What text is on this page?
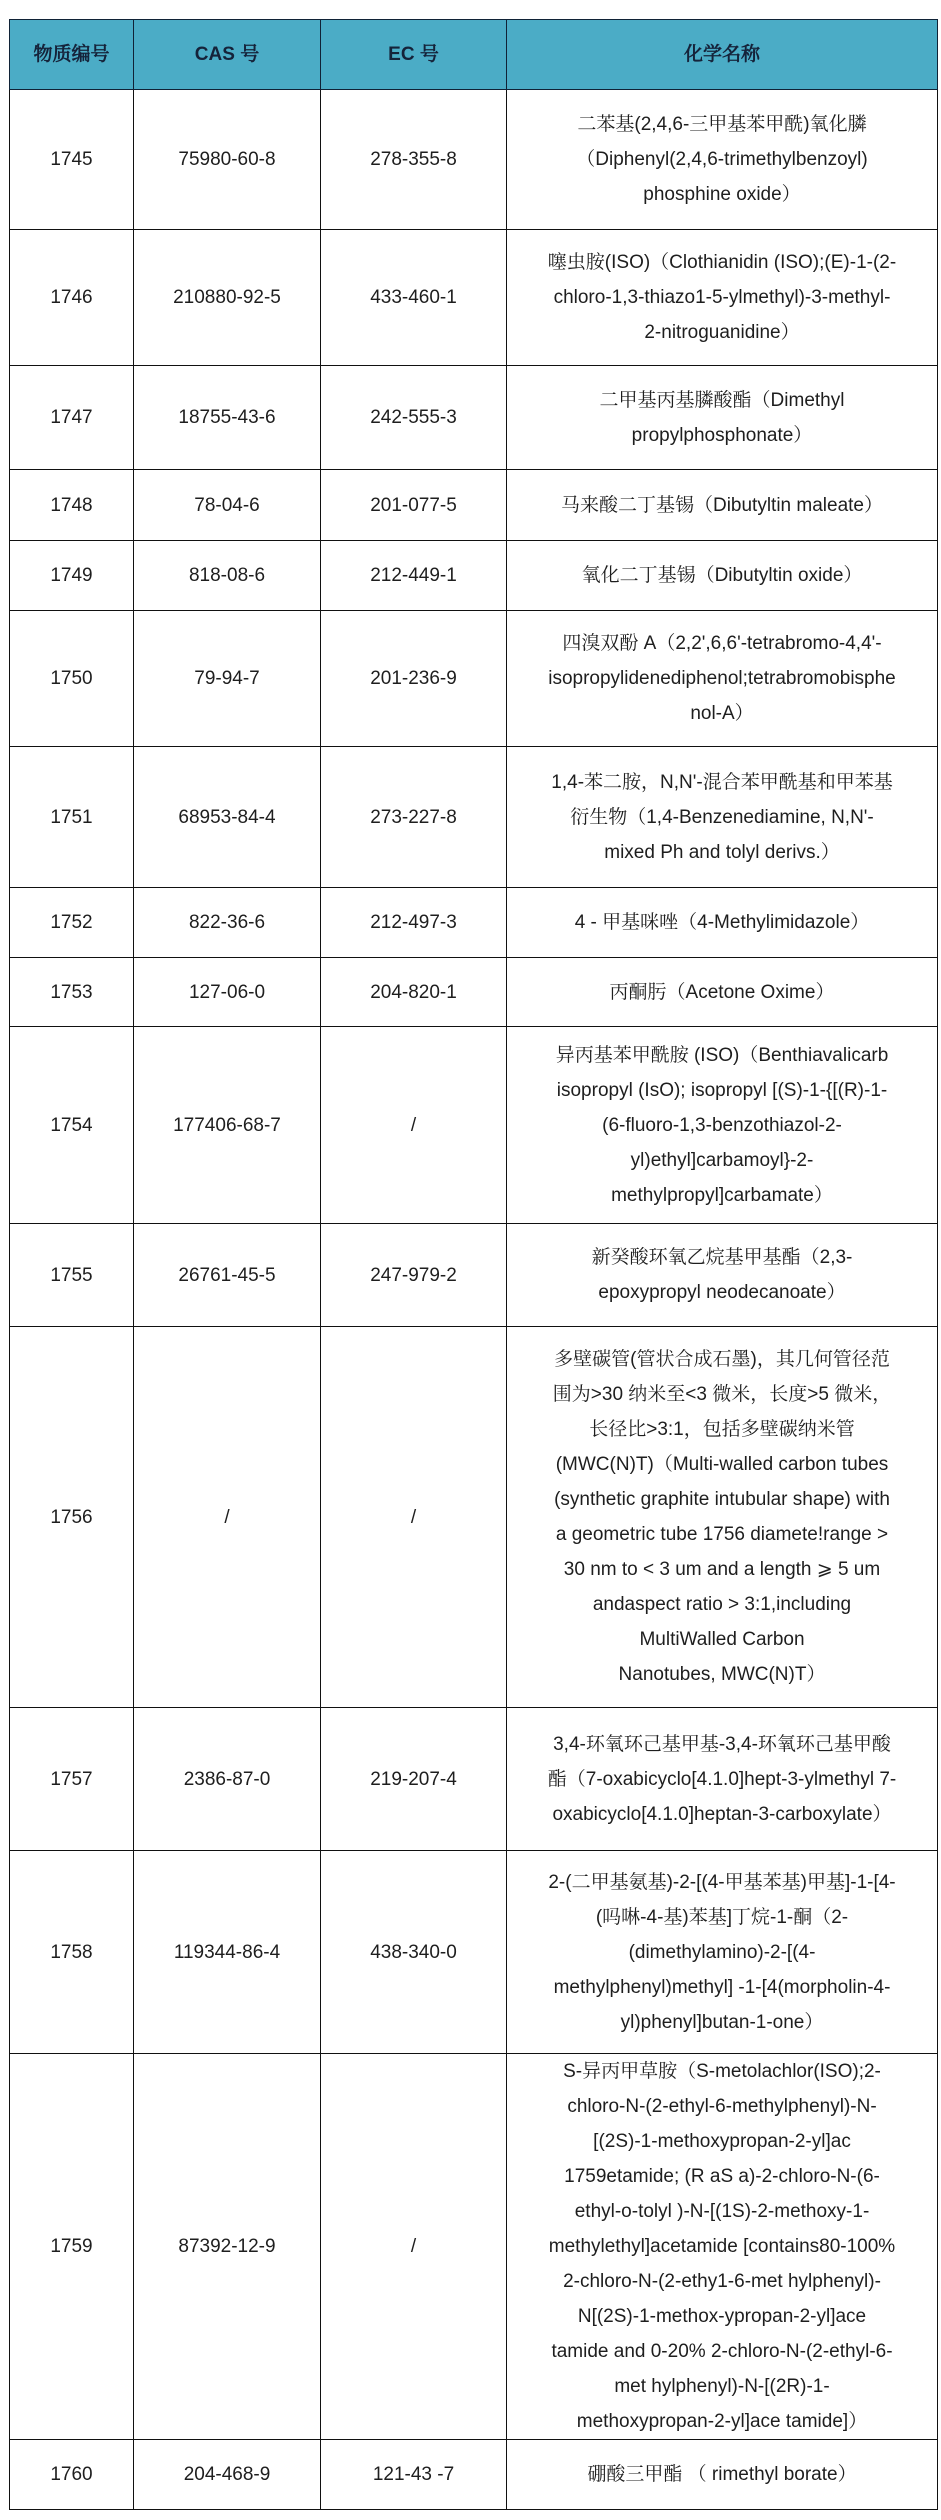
物质编号	CAS 号	EC 号	化学名称
1745	75980-60-8	278-355-8	二苯基(2,4,6-三甲基苯甲酰)氧化膦
（Diphenyl(2,4,6-trimethylbenzoyl)
phosphine oxide）

1746	210880-92-5	433-460-1	噻虫胺(ISO)（Clothianidin (ISO);(E)-1-(2-
chloro-1,3-thiazo1-5-ylmethyl)-3-methyl-
2-nitroguanidine）

1747	18755-43-6	242-555-3	二甲基丙基膦酸酯（Dimethyl
propylphosphonate）

1748	78-04-6	201-077-5	马来酸二丁基锡（Dibutyltin maleate）

1749	818-08-6	212-449-1	氧化二丁基锡（Dibutyltin oxide）

1750	79-94-7	201-236-9	四溴双酚 A（2,2',6,6'-tetrabromo-4,4'-
isopropylidenediphenol;tetrabromobisphe
nol-A）

1751	68953-84-4	273-227-8	1,4-苯二胺，N,N'-混合苯甲酰基和甲苯基
衍生物（1,4-Benzenediamine, N,N'-
mixed Ph and tolyl derivs.）

1752	822-36-6	212-497-3	4 - 甲基咪唑（4-Methylimidazole）

1753	127-06-0	204-820-1	丙酮肟（Acetone Oxime）

1754	177406-68-7	/	异丙基苯甲酰胺 (ISO)（Benthiavalicarb
isopropyl (IsO); isopropyl [(S)-1-{[(R)-1-
(6-fluoro-1,3-benzothiazol-2-
yl)ethyl]carbamoyl}-2-
methylpropyl]carbamate）

1755	26761-45-5	247-979-2	新癸酸环氧乙烷基甲基酯（2,3-
epoxypropyl neodecanoate）

1756	/	/	
多壁碳管(管状合成石墨)，其几何管径范
围为>30 纳米至<3 微米，长度>5 微米，
长径比>3:1，包括多壁碳纳米管
(MWC(N)T)（Multi-walled carbon tubes
(synthetic graphite intubular shape) with
a geometric tube 1756 diamete!range >
30 nm to < 3 um and a length ⩾ 5 um
andaspect ratio > 3:1,including
MultiWalled Carbon
Nanotubes, MWC(N)T）

1757	2386-87-0	219-207-4	3,4-环氧环己基甲基-3,4-环氧环己基甲酸
酯（7-oxabicyclo[4.1.0]hept-3-ylmethyl 7-
oxabicyclo[4.1.0]heptan-3-carboxylate）

1758	119344-86-4	438-340-0	2-(二甲基氨基)-2-[(4-甲基苯基)甲基]-1-[4-
(吗啉-4-基)苯基]丁烷-1-酮（2-
(dimethylamino)-2-[(4-
methylphenyl)methyl] -1-[4(morpholin-4-
yl)phenyl]butan-1-one）

1759	87392-12-9	/	
S-异丙甲草胺（S-metolachlor(ISO);2-
chloro-N-(2-ethyl-6-methylphenyl)-N-
[(2S)-1-methoxypropan-2-yl]ac
1759etamide; (R aS a)-2-chloro-N-(6-
ethyl-o-tolyl )-N-[(1S)-2-methoxy-1-
methylethyl]acetamide [contains80-100%
2-chloro-N-(2-ethy1-6-met hylphenyl)-
N[(2S)-1-methox-ypropan-2-yl]ace
tamide and 0-20% 2-chloro-N-(2-ethyl-6-
met hylphenyl)-N-[(2R)-1-
methoxypropan-2-yl]ace tamide]）

1760	204-468-9	121-43 -7	硼酸三甲酯 （ rimethyl borate）
